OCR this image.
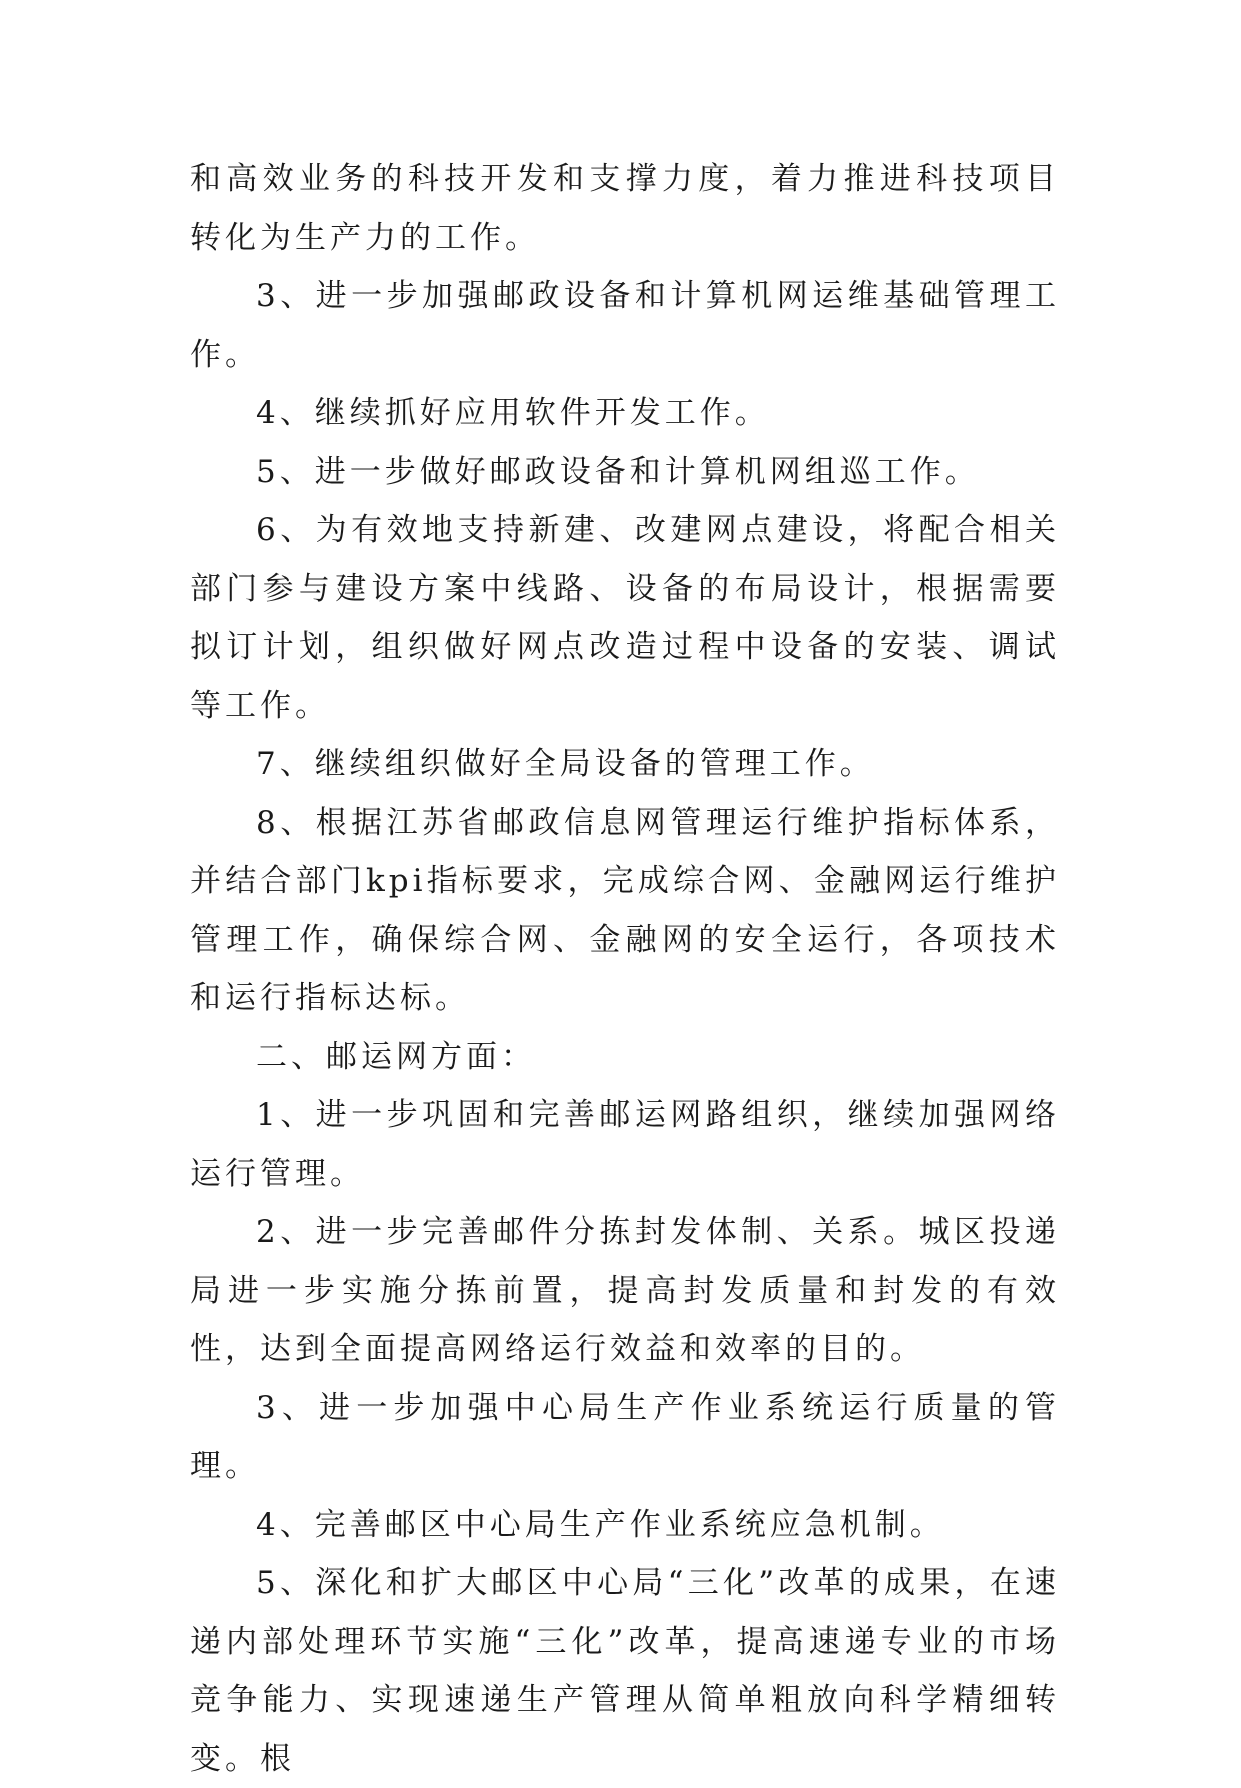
和高效业务的科技开发和支撑力度，着力推进科技项目转化为生产力的工作。

3、进一步加强邮政设备和计算机网运维基础管理工作。

4、继续抓好应用软件开发工作。

5、进一步做好邮政设备和计算机网组巡工作。

6、为有效地支持新建、改建网点建设，将配合相关部门参与建设方案中线路、设备的布局设计，根据需要拟订计划，组织做好网点改造过程中设备的安装、调试等工作。

7、继续组织做好全局设备的管理工作。

8、根据江苏省邮政信息网管理运行维护指标体系，并结合部门kpi指标要求，完成综合网、金融网运行维护管理工作，确保综合网、金融网的安全运行，各项技术和运行指标达标。

二、邮运网方面：

1、进一步巩固和完善邮运网路组织，继续加强网络运行管理。

2、进一步完善邮件分拣封发体制、关系。城区投递局进一步实施分拣前置，提高封发质量和封发的有效性，达到全面提高网络运行效益和效率的目的。

3、进一步加强中心局生产作业系统运行质量的管理。

4、完善邮区中心局生产作业系统应急机制。

5、深化和扩大邮区中心局“三化”改革的成果，在速递内部处理环节实施“三化”改革，提高速递专业的市场竞争能力、实现速递生产管理从简单粗放向科学精细转变。根
